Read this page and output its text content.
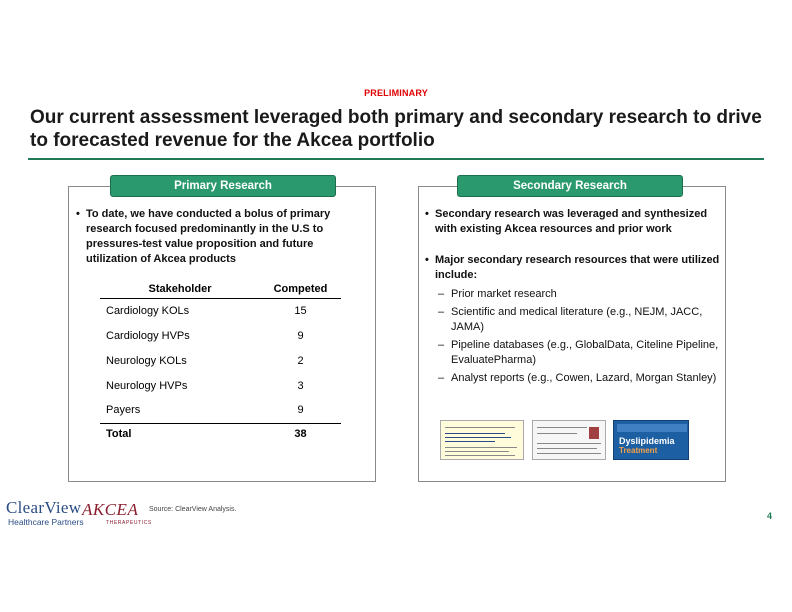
PRELIMINARY
Our current assessment leveraged both primary and secondary research to drive to forecasted revenue for the Akcea portfolio
Primary Research
• To date, we have conducted a bolus of primary research focused predominantly in the U.S to pressures-test value proposition and future utilization of Akcea products
Stakeholder	Competed
Cardiology KOLs	15
Cardiology HVPs	9
Neurology KOLs	2
Neurology HVPs	3
Payers	9
Total	38
Secondary Research
• Secondary research was leveraged and synthesized with existing Akcea resources and prior work
• Major secondary research resources that were utilized include:
– Prior market research
– Scientific and medical literature (e.g., NEJM, JACC, JAMA)
– Pipeline databases (e.g., GlobalData, Citeline Pipeline, EvaluatePharma)
– Analyst reports (e.g., Cowen, Lazard, Morgan Stanley)
Dyslipidemia
Treatment
ClearView
Healthcare Partners
AKCEA
THERAPEUTICS
Source: ClearView Analysis.
4
